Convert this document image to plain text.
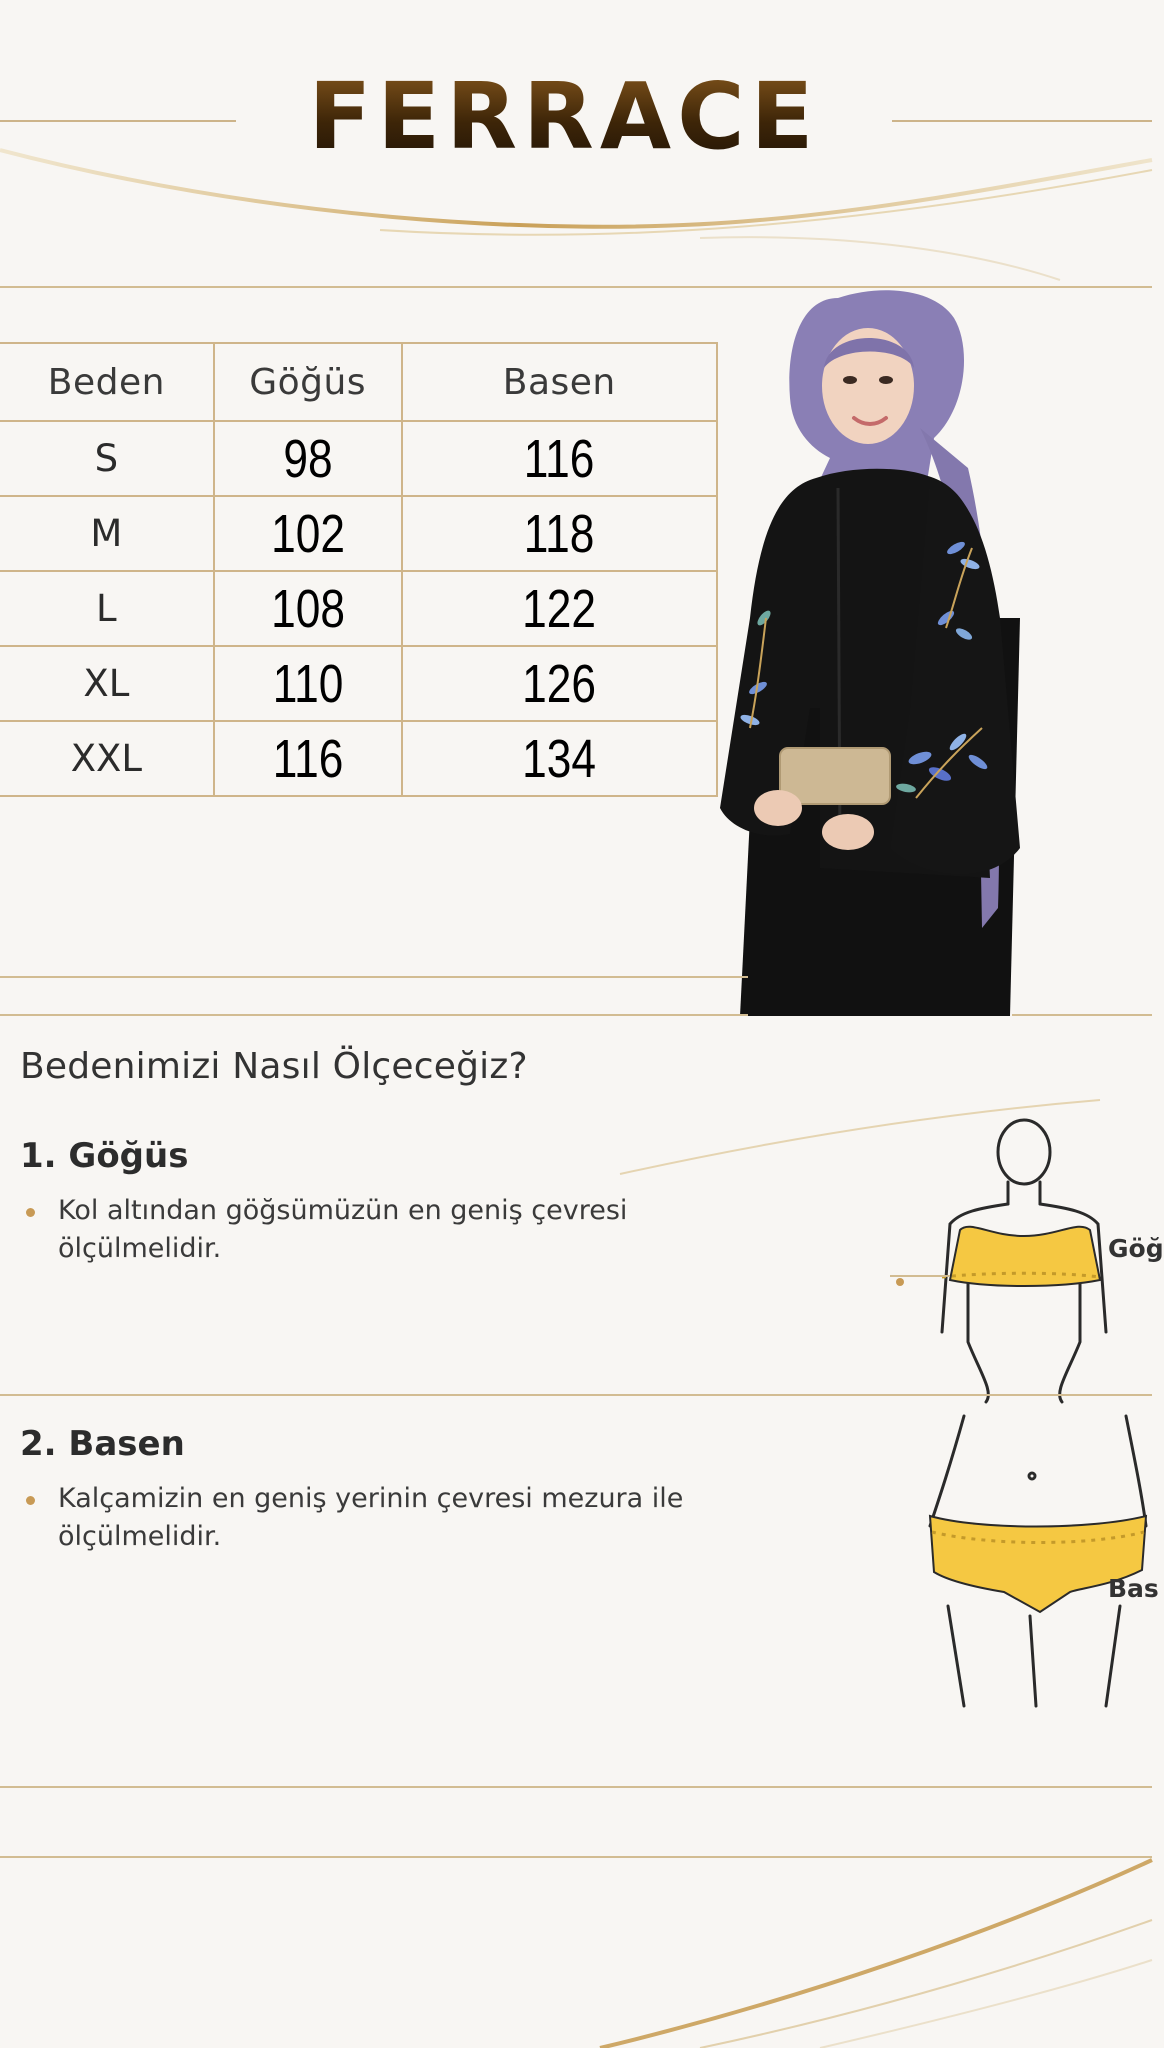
FERRACE
Beden	Göğüs	Basen
S	98	116
M	102	118
L	108	122
XL	110	126
XXL	116	134
Bedenimizi Nasıl Ölçeceğiz?
1. Göğüs
Kol altından göğsümüzün en geniş çevresi
ölçülmelidir.	Göğ
2. Basen
Kalçamizin en geniş yerinin çevresi mezura ile
ölçülmelidir.
Bas
